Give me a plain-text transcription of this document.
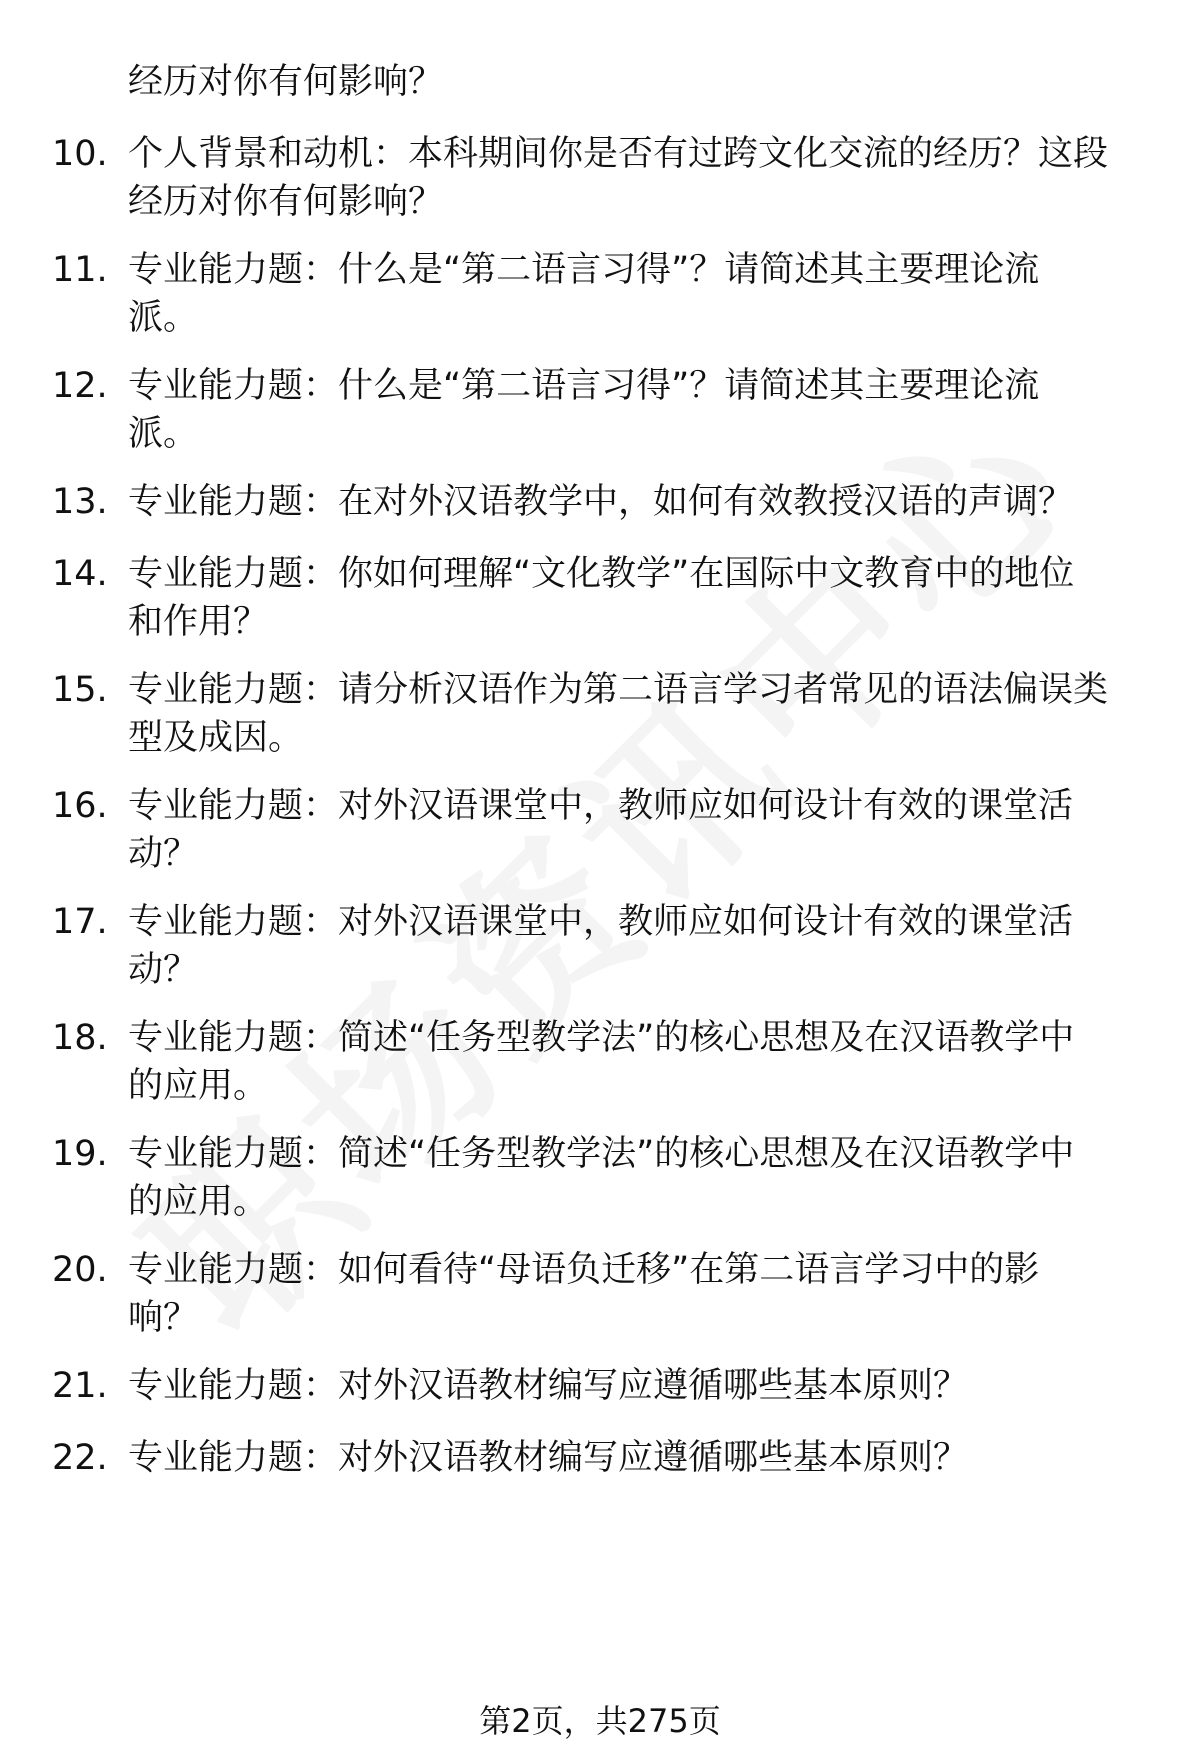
经历对你有何影响？
10. 个人背景和动机：本科期间你是否有过跨文化交流的经历？这段
经历对你有何影响？
11. 专业能力题：什么是“第二语言习得”？请简述其主要理论流
派。
12. 专业能力题：什么是“第二语言习得”？请简述其主要理论流
派。
13. 专业能力题：在对外汉语教学中，如何有效教授汉语的声调？
14. 专业能力题：你如何理解“文化教学”在国际中文教育中的地位
和作用？
15. 专业能力题：请分析汉语作为第二语言学习者常见的语法偏误类
型及成因。
16. 专业能力题：对外汉语课堂中，教师应如何设计有效的课堂活
动？
17. 专业能力题：对外汉语课堂中，教师应如何设计有效的课堂活
动？
18. 专业能力题：简述“任务型教学法”的核心思想及在汉语教学中
的应用。
19. 专业能力题：简述“任务型教学法”的核心思想及在汉语教学中
的应用。
20. 专业能力题：如何看待“母语负迁移”在第二语言学习中的影
响？
21. 专业能力题：对外汉语教材编写应遵循哪些基本原则？
22. 专业能力题：对外汉语教材编写应遵循哪些基本原则？
第2页，共275页
